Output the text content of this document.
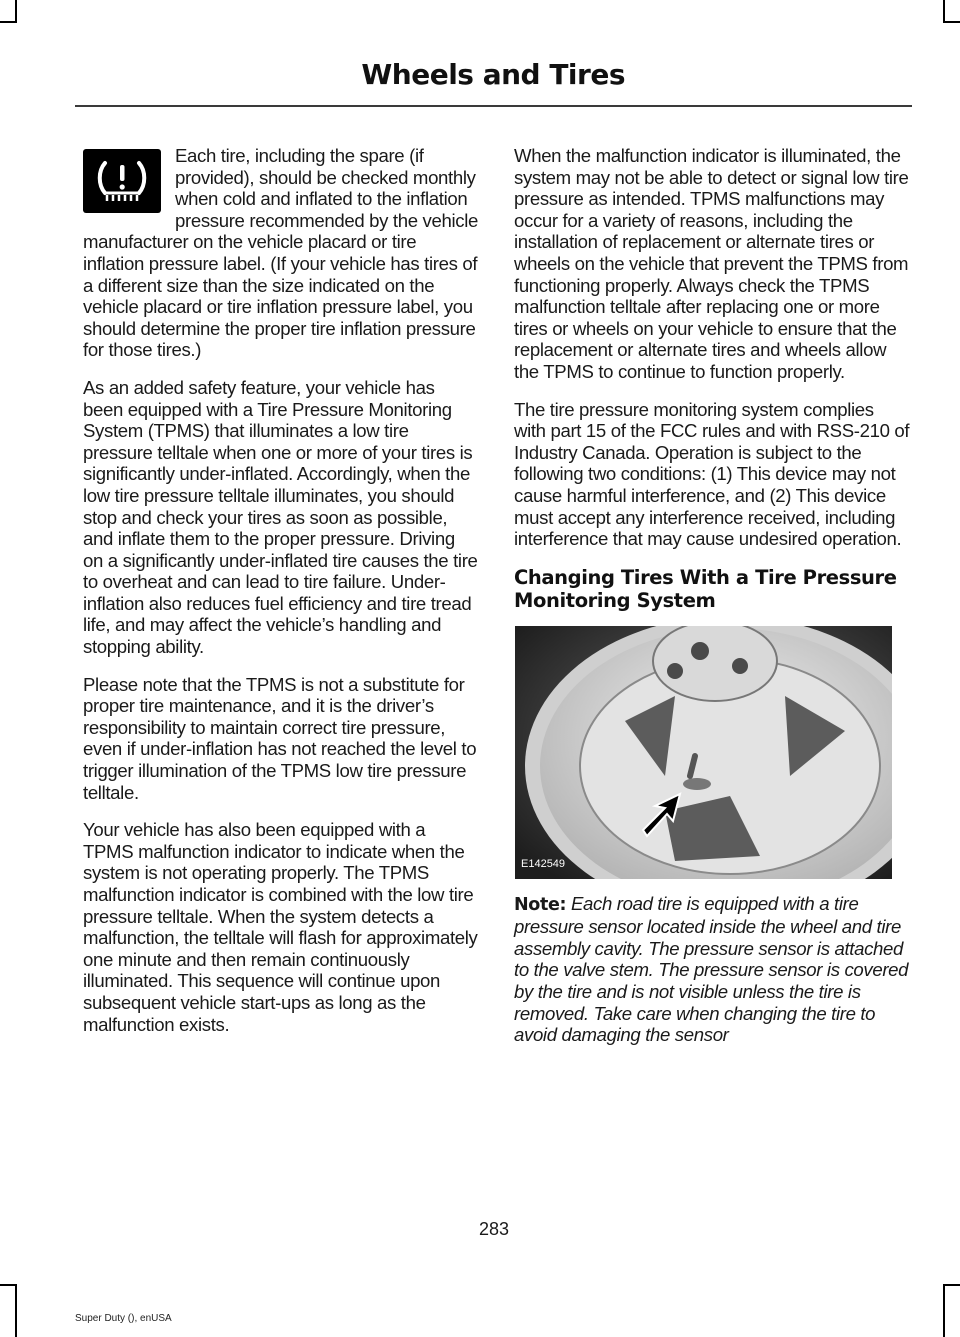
Wheels and Tires

Each tire, including the spare (if provided), should be checked monthly when cold and inflated to the inflation pressure recommended by the vehicle manufacturer on the vehicle placard or tire inflation pressure label. (If your vehicle has tires of a different size than the size indicated on the vehicle placard or tire inflation pressure label, you should determine the proper tire inflation pressure for those tires.)

As an added safety feature, your vehicle has been equipped with a Tire Pressure Monitoring System (TPMS) that illuminates a low tire pressure telltale when one or more of your tires is significantly under-inflated. Accordingly, when the low tire pressure telltale illuminates, you should stop and check your tires as soon as possible, and inflate them to the proper pressure. Driving on a significantly under-inflated tire causes the tire to overheat and can lead to tire failure. Under-inflation also reduces fuel efficiency and tire tread life, and may affect the vehicle’s handling and stopping ability.

Please note that the TPMS is not a substitute for proper tire maintenance, and it is the driver’s responsibility to maintain correct tire pressure, even if under-inflation has not reached the level to trigger illumination of the TPMS low tire pressure telltale.

Your vehicle has also been equipped with a TPMS malfunction indicator to indicate when the system is not operating properly. The TPMS malfunction indicator is combined with the low tire pressure telltale. When the system detects a malfunction, the telltale will flash for approximately one minute and then remain continuously illuminated. This sequence will continue upon subsequent vehicle start-ups as long as the malfunction exists.

When the malfunction indicator is illuminated, the system may not be able to detect or signal low tire pressure as intended. TPMS malfunctions may occur for a variety of reasons, including the installation of replacement or alternate tires or wheels on the vehicle that prevent the TPMS from functioning properly. Always check the TPMS malfunction telltale after replacing one or more tires or wheels on your vehicle to ensure that the replacement or alternate tires and wheels allow the TPMS to continue to function properly.

The tire pressure monitoring system complies with part 15 of the FCC rules and with RSS-210 of Industry Canada. Operation is subject to the following two conditions: (1) This device may not cause harmful interference, and (2) This device must accept any interference received, including interference that may cause undesired operation.

Changing Tires With a Tire Pressure Monitoring System
E142549

Note: Each road tire is equipped with a tire pressure sensor located inside the wheel and tire assembly cavity. The pressure sensor is attached to the valve stem. The pressure sensor is covered by the tire and is not visible unless the tire is removed. Take care when changing the tire to avoid damaging the sensor

283
Super Duty (), enUSA
